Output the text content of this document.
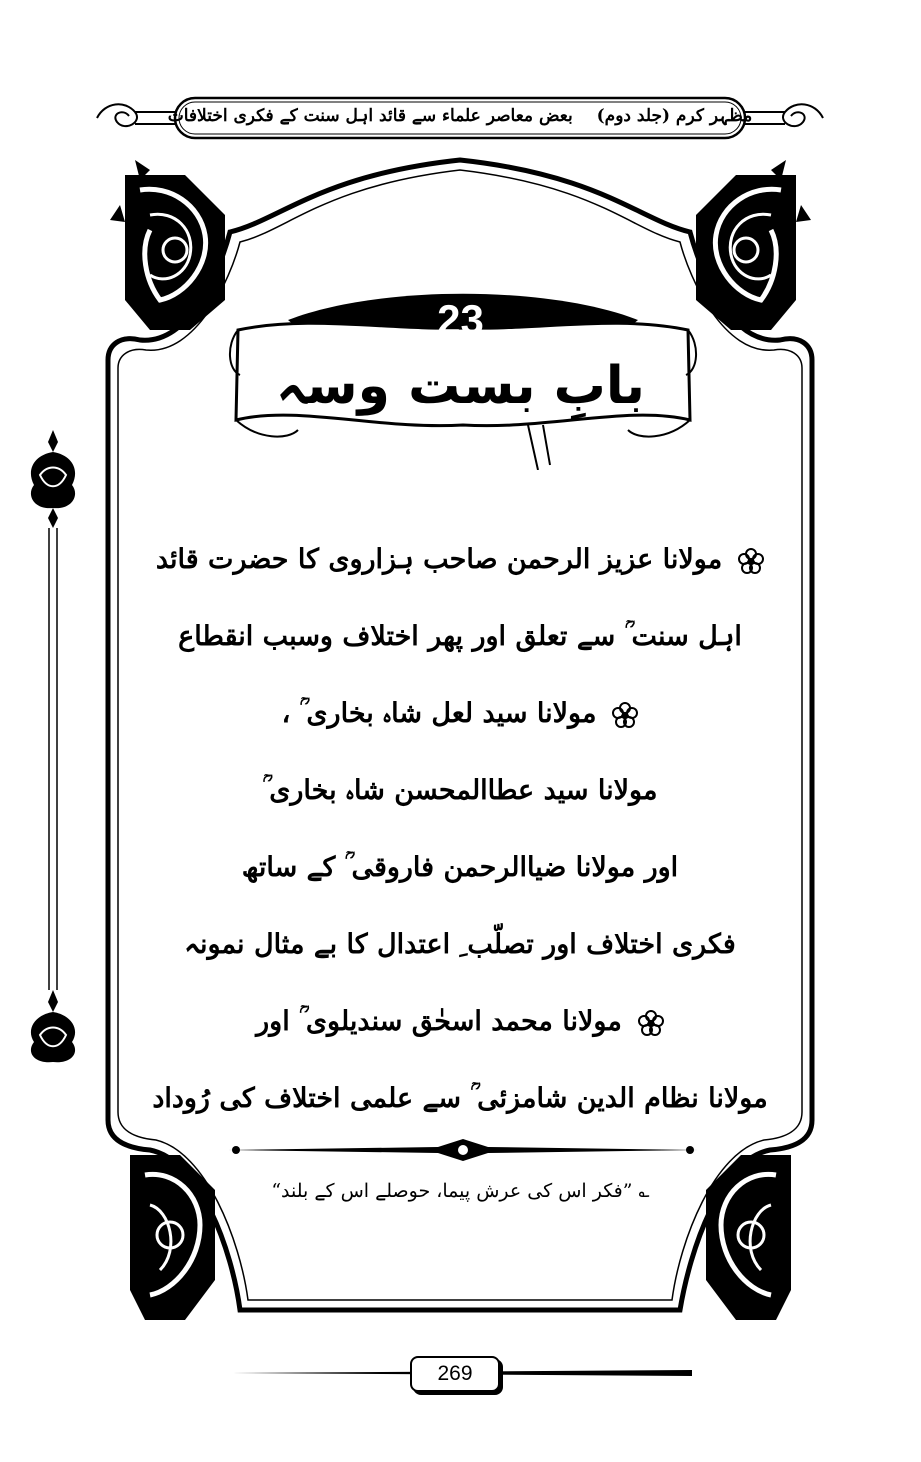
مظہر کرم (جلد دوم) بعض معاصر علماء سے قائد اہل سنت کے فکری اختلافات
23
بابِ بست وسہ
مولانا عزیز الرحمن صاحب ہزاروی کا حضرت قائد
اہل سنت ؒ سے تعلق اور پھر اختلاف وسبب انقطاع
مولانا سید لعل شاہ بخاری ؒ ،
مولانا سید عطاالمحسن شاہ بخاری ؒ
اور مولانا ضیاالرحمن فاروقی ؒ کے ساتھ
فکری اختلاف اور تصلّب ِ اعتدال کا بے مثال نمونہ
مولانا محمد اسحٰق سندیلوی ؒ اور
مولانا نظام الدین شامزئی ؒ سے علمی اختلاف کی رُوداد
؎ ”فکر اس کی عرش پیما، حوصلے اس کے بلند“
269
